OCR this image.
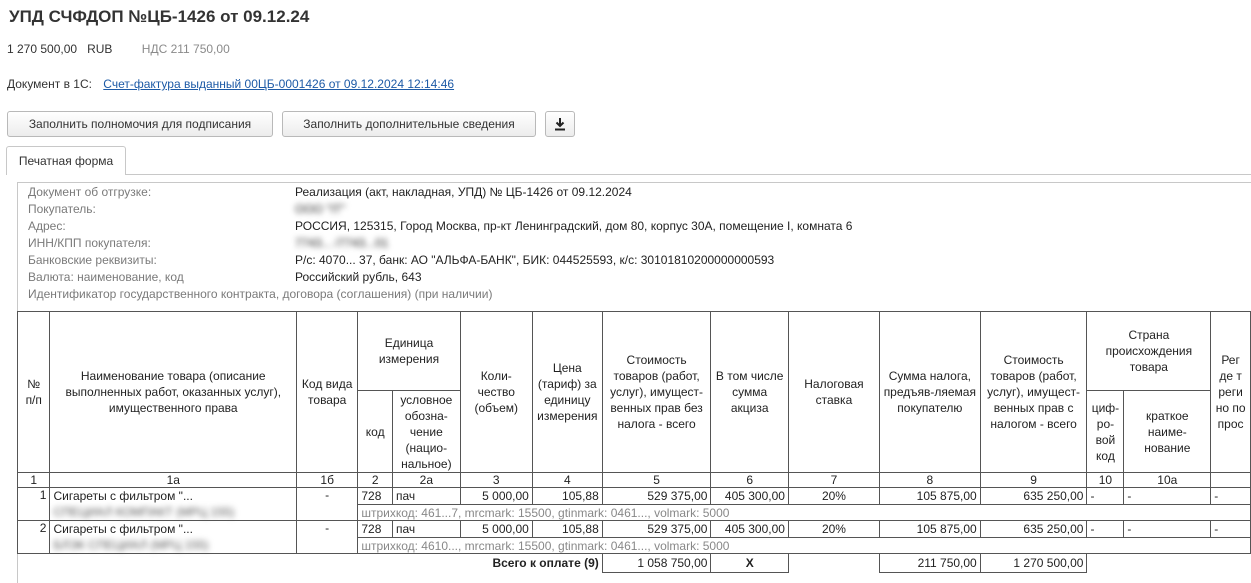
УПД СЧФДОП №ЦБ-1426 от 09.12.24
1 270 500,00 RUB НДС 211 750,00
Документ в 1С: Счет-фактура выданный 00ЦБ-0001426 от 09.12.2024 12:14:46
Заполнить полномочия для подписания	Заполнить дополнительные сведения
Печатная форма
Документ об отгрузке:	Реализация (акт, накладная, УПД) № ЦБ-1426 от 09.12.2024
Покупатель:	ООО "IT"
Адрес:	РОССИЯ, 125315, Город Москва, пр-кт Ленинградский, дом 80, корпус 30А, помещение I, комната 6
ИНН/КПП покупателя:	7743... /7743...01
Банковские реквизиты:	Р/с: 4070... 37, банк: АО "АЛЬФА-БАНК", БИК: 044525593, к/с: 30101810200000000593
Валюта: наименование, код	Российский рубль, 643
Идентификатор государственного контракта, договора (соглашения) (при наличии)
№ п/п	Наименование товара (описание выполненных работ, оказанных услуг), имущественного права	Код вида товара	Единица измерения		Коли-чество (объем)	Цена (тариф) за единицу измерения	Стоимость товаров (работ, услуг), имущест-венных прав без налога - всего	В том числе сумма акциза	Налоговая ставка	Сумма налога, предъяв-ляемая покупателю	Стоимость товаров (работ, услуг), имущест-венных прав с налогом - всего	Страна происхождения товара		Рег де т реги но по прос
			код	условное обозна-чение (нацио-нальное)								циф-ро-вой код	краткое наиме-нование	
1	1а	1б	2	2а	3	4	5	6	7	8	9	10	10а	
1	Сигареты с фильтром "...	-	728	пач	5 000,00	105,88	529 375,00	405 300,00	20%	105 875,00	635 250,00	-	-	-
	СПЕЦИАЛ КОМПАКТ (МРЦ 155)		штрихкод: 461...7, mrcmark: 15500, gtinmark: 0461..., volmark: 5000											
2	Сигареты с фильтром "...	-	728	пач	5 000,00	105,88	529 375,00	405 300,00	20%	105 875,00	635 250,00	-	-	-
	БЛЭК СПЕЦИАЛ (МРЦ 155)		штрихкод: 4610..., mrcmark: 15500, gtinmark: 0461..., volmark: 5000											
	Всего к оплате (9)						1 058 750,00	X		211 750,00	1 270 500,00			
